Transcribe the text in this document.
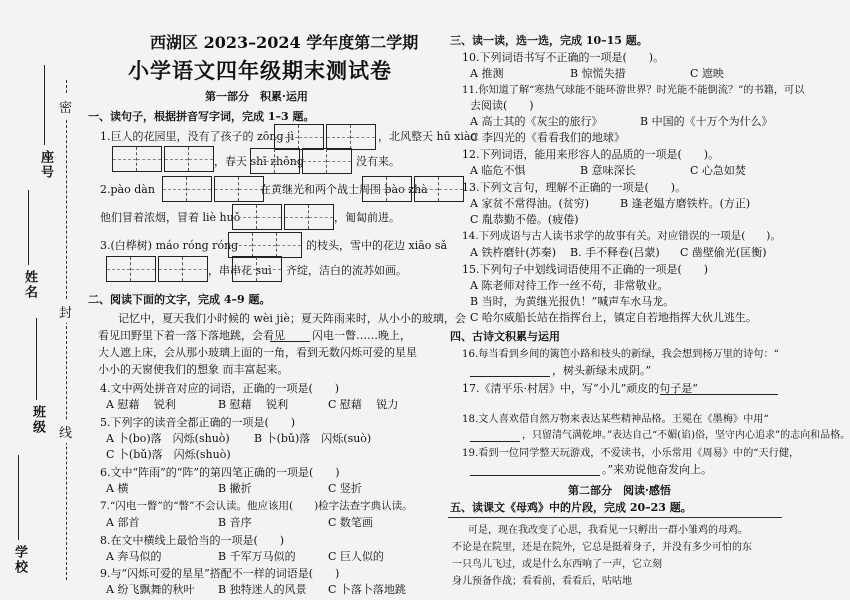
学校
班级
姓名
座号
密
封
线
西湖区 2023–2024 学年度第二学期
小学语文四年级期末测试卷
第一部分　积累·运用
一、读句子，根据拼音写字词，完成 1–3 题。
1.巨人的花园里，没有了孩子的 zōng jì	，北风整天 hū xiào
，春天 shī zhōng	没有来。
2.pào dàn	在黄继光和两个战士周围 bào zhà
他们冒着浓烟，冒着 liè huǒ	，匍匐前进。
3.(白桦树) máo róng róng	的枝头，雪中的花边 xiāo sǎ
，串串花 suì 齐绽，洁白的流苏如画。
二、阅读下面的文字，完成 4–9 题。
记忆中，夏天我们小时候的 wèi jiè；夏天阵雨来时，从小小的玻璃，会
看见田野里下着一落下落地跳，会看见 闪电一瞥……晚上，
大人遮上床，会从那小玻璃上面的一角，看到无数闪烁可爱的星星
小小的天窗使我们的想象 而丰富起来。
4.文中两处拼音对应的词语，正确的一项是(　　)
A 慰藉　 锐利	B 慰藉　 锐利	C 慰藉　 锐力
5.下列字的读音全都正确的一项是(　　)
A 卜(bo)落　闪烁(shuò) B 卜(bǔ)落　闪烁(suò)
C 卜(bǔ)落　闪烁(shuò)
6.文中“阵雨”的“阵”的第四笔正确的一项是(　　)
A 横	B 撇折	C 竖折
7.“闪电一瞥”的“瞥”不会认读。他应该用(　　)检字法查字典认读。
A 部首	B 音序	C 数笔画
8.在文中横线上最恰当的一项是(　　)
A 奔马似的	B 千军万马似的	C 巨人似的
9.与“闪烁可爱的星星”搭配不一样的词语是(　　)
A 纷飞飘舞的秋叶 B 独特迷人的风景 C 卜落卜落地跳
三、读一读，选一选，完成 10–15 题。
10.下列词语书写不正确的一项是(　　)。
A 推测	B 惊慌失措	C 遮映
11.你知道了解“寒热气球能不能环游世界？时光能不能倒流？”的书籍，可以
去阅读(　　)
A 高士其的《灰尘的旅行》	B 中国的《十万个为什么》
C 李四光的《看看我们的地球》
12.下列词语，能用来形容人的品质的一项是(　　)。
A 临危不惧	B 意味深长	C 心急如焚
13.下列文言句，理解不正确的一项是(　　)。
A 家贫不常得油。(贫穷)	B 逢老媪方磨铁杵。(方正)
C 胤恭勤不倦。(疲倦)
14.下列成语与古人读书求学的故事有关。对应错误的一项是(　　)。
A 铁杵磨针(苏秦) B. 手不释卷(吕蒙) C 凿壁偷光(匡衡)
15.下列句子中划线词语使用不正确的一项是(　　)
A 陈老师对待工作一丝不苟，非常敬业。
B 当时，为黄继光报仇！”喊声车水马龙。
C 哈尔威船长站在指挥台上，镇定自若地指挥大伙儿逃生。
四、古诗文积累与运用
16.每当看到乡间的篱笆小路和枝头的新绿，我会想到杨万里的诗句：“
，树头新绿未成阴。”
17.《清平乐·村居》中，写“小儿”顽皮的句子是“
18.文人喜欢借自然万物来表达某些精神品格。王冕在《墨梅》中用“
，只留清气满乾坤。”表达自己“不媚(谄)俗，坚守内心追求”的志向和品格。
19.看到一位同学整天玩游戏，不爱读书，小乐常用《周易》中的“天行健，
。”来劝说他奋发向上。
第二部分　阅读·感悟
五、读课文《母鸡》中的片段，完成 20–23 题。
可是，现在我改变了心思，我看见一只孵出一群小雏鸡的母鸡。
不论是在院里，还是在院外，它总是挺着身子，并没有多少可怕的东
一只鸟儿飞过，或是什么东西响了一声，它立刻
身儿预备作战；看看前，看看后，咕咕地
